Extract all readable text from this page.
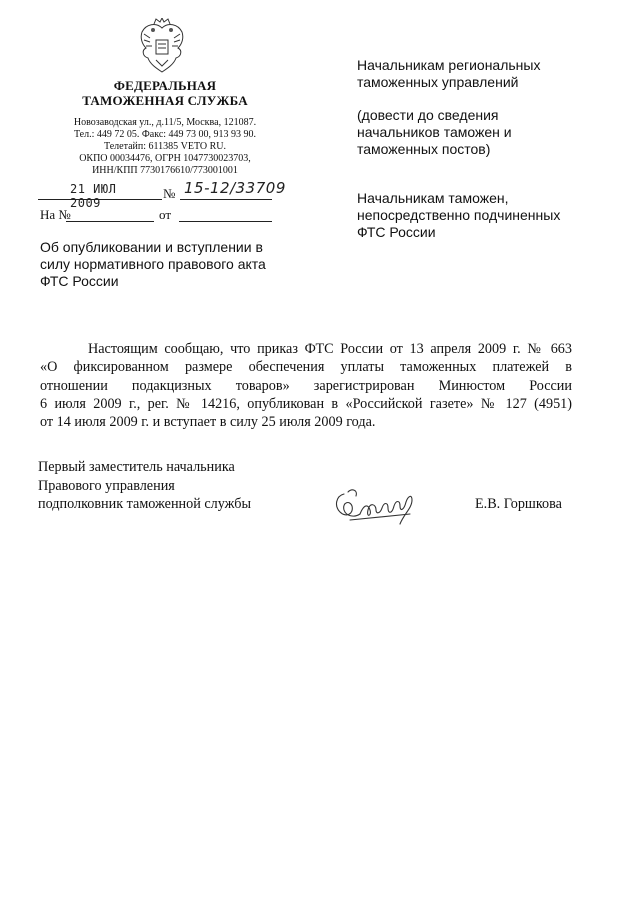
ФЕДЕРАЛЬНАЯ
ТАМОЖЕННАЯ СЛУЖБА
Новозаводская ул., д.11/5, Москва, 121087.
Тел.: 449 72 05. Факс: 449 73 00, 913 93 90.
Телетайп: 611385 VETO RU.
ОКПО 00034476, ОГРН 1047730023703,
ИНН/КПП 7730176610/773001001
21 ИЮЛ 2009
№ 15-12/33709
На №	от
Об опубликовании и вступлении в
силу нормативного правового акта
ФТС России
Начальникам региональных
таможенных управлений
(довести до сведения
начальников таможен и
таможенных постов)
Начальникам таможен,
непосредственно подчиненных
ФТС России
Настоящим сообщаю, что приказ ФТС России от 13 апреля 2009 г. № 663
«О фиксированном размере обеспечения уплаты таможенных платежей в
отношении подакцизных товаров» зарегистрирован Минюстом России
6 июля 2009 г., рег. № 14216, опубликован в «Российской газете» № 127 (4951)
от 14 июля 2009 г. и вступает в силу 25 июля 2009 года.
Первый заместитель начальника
Правового управления
подполковник таможенной службы	Е.В. Горшкова
